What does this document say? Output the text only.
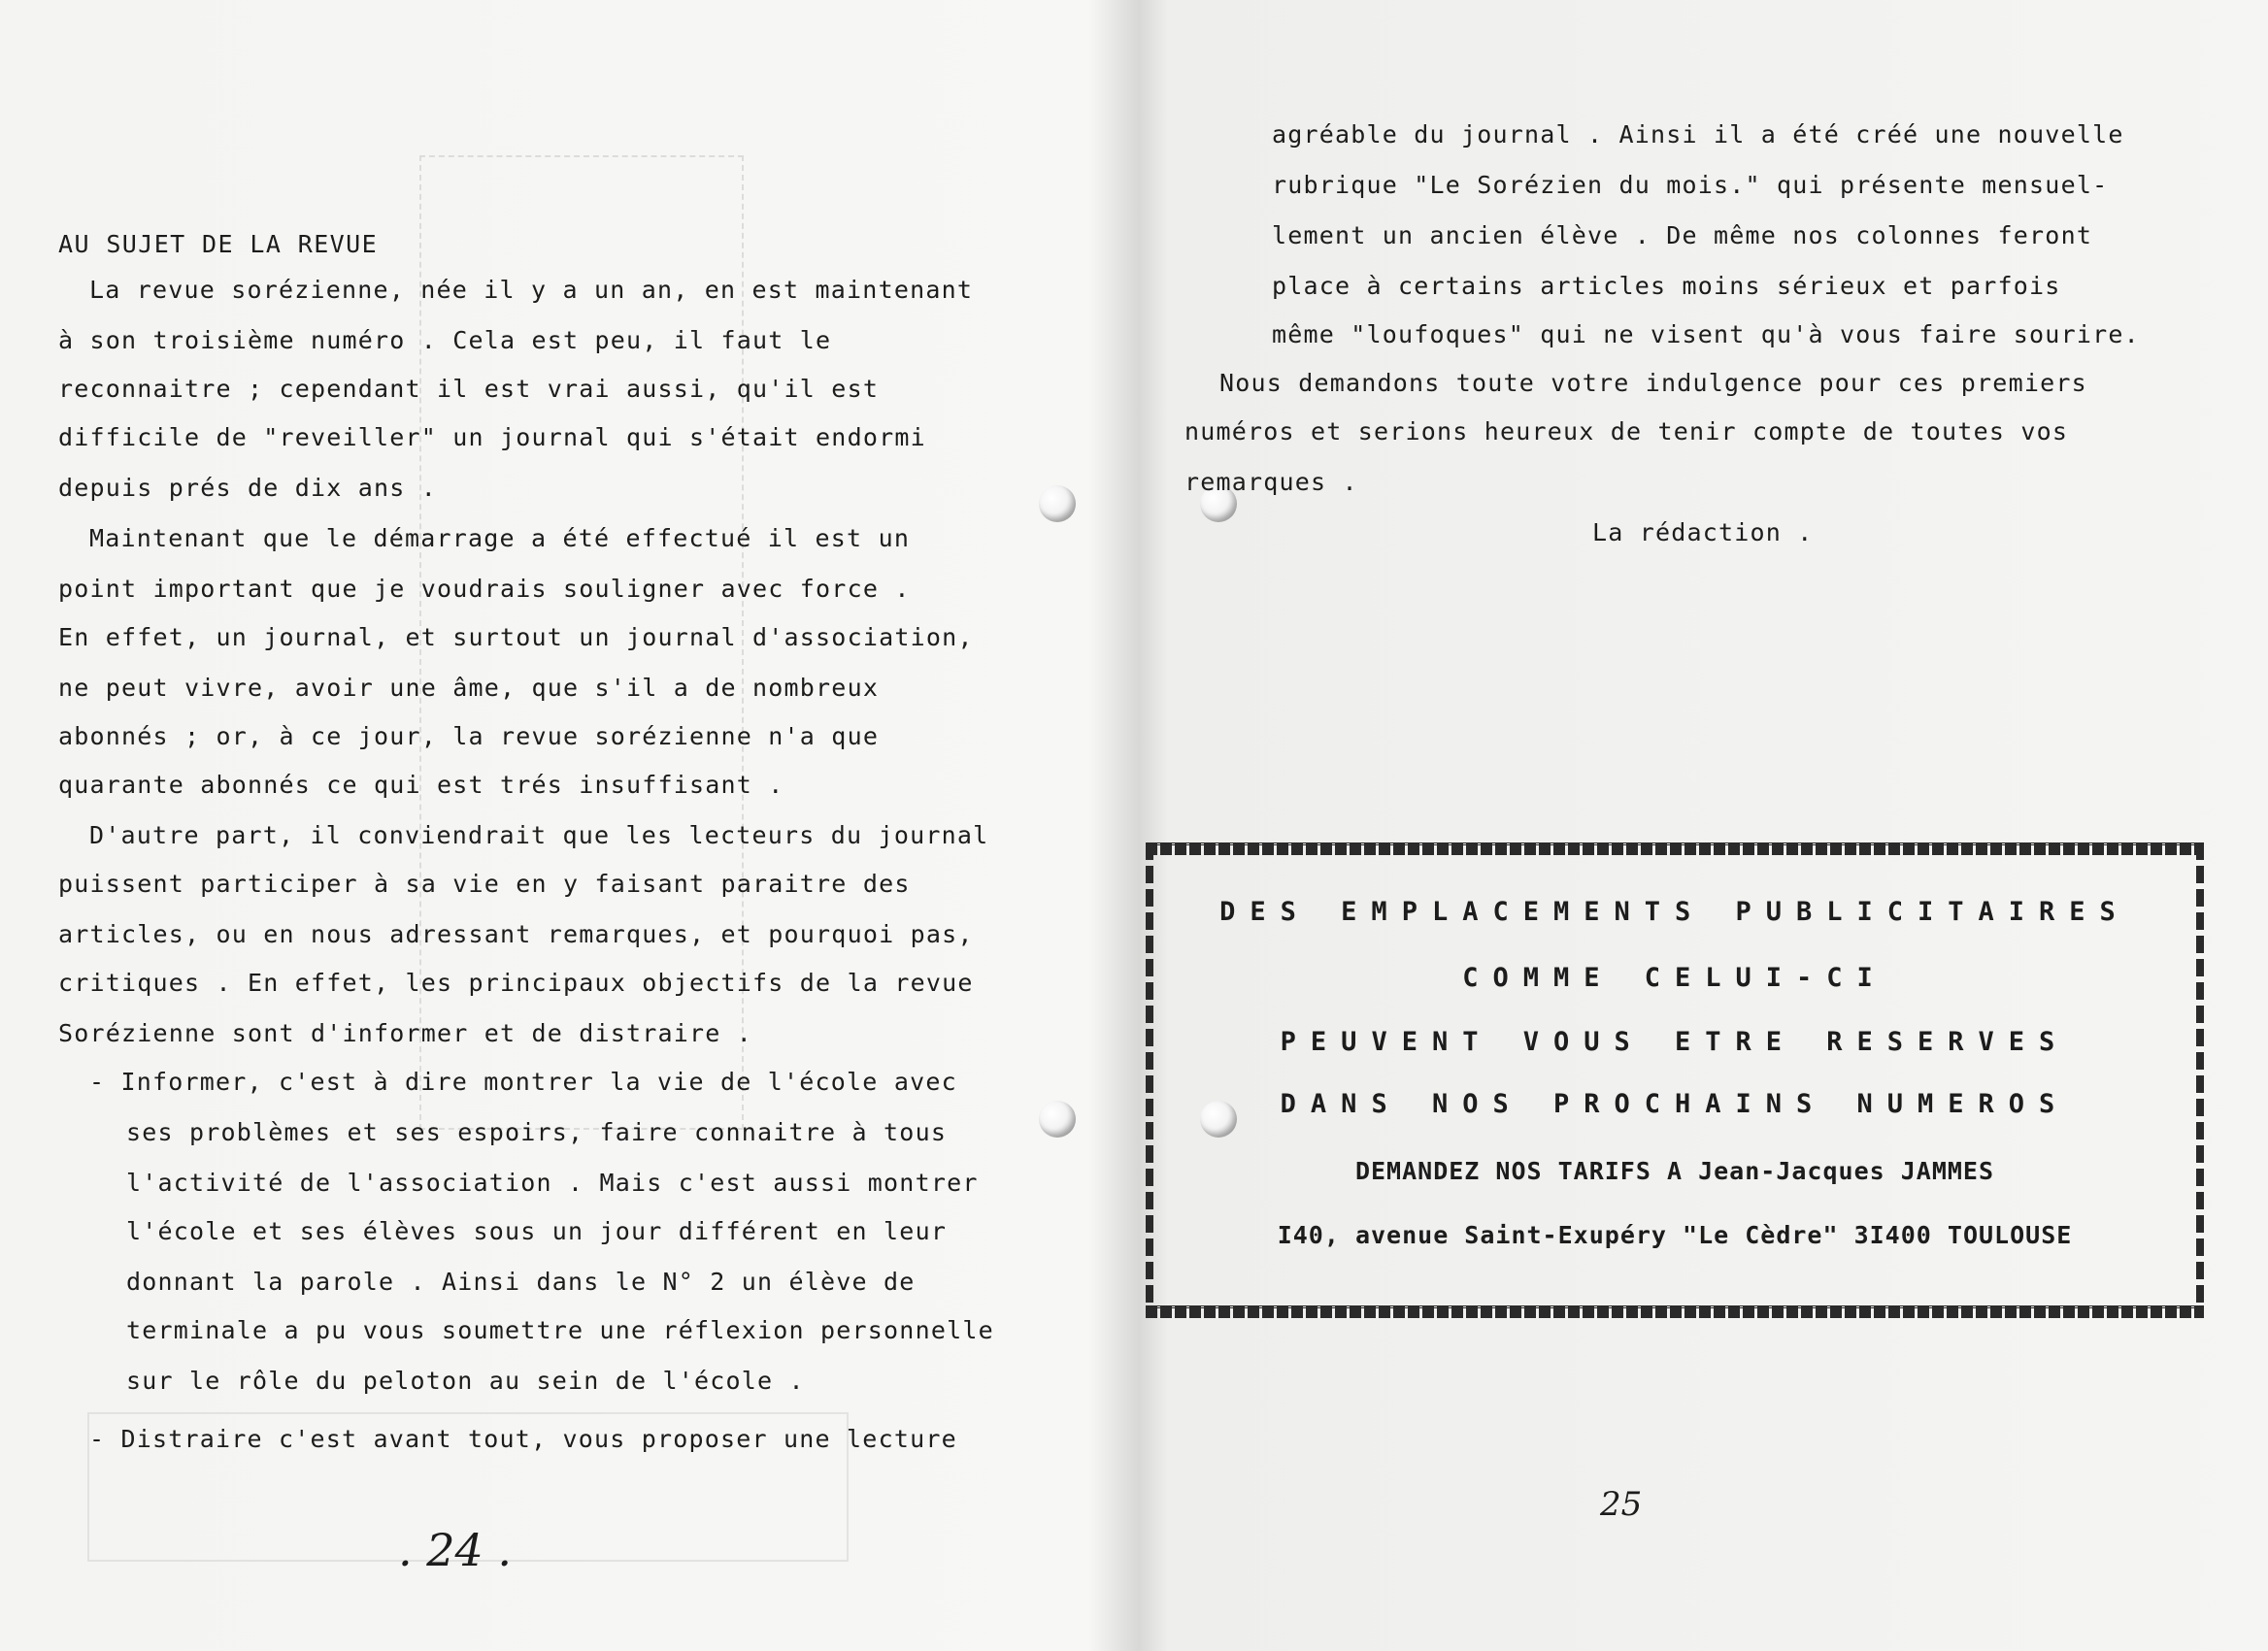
AU SUJET DE LA REVUE
La revue sorézienne, née il y a un an, en est maintenant
à son troisième numéro . Cela est peu, il faut le
reconnaitre ; cependant il est vrai aussi, qu'il est
difficile de "reveiller" un journal qui s'était endormi
depuis prés de dix ans .
Maintenant que le démarrage a été effectué il est un
point important que je voudrais souligner avec force .
En effet, un journal, et surtout un journal d'association,
ne peut vivre, avoir une âme, que s'il a de nombreux
abonnés ; or, à ce jour, la revue sorézienne n'a que
quarante abonnés ce qui est trés insuffisant .
D'autre part, il conviendrait que les lecteurs du journal
puissent participer à sa vie en y faisant paraitre des
articles, ou en nous adressant remarques, et pourquoi pas,
critiques . En effet, les principaux objectifs de la revue
Sorézienne sont d'informer et de distraire .
- Informer, c'est à dire montrer la vie de l'école avec
ses problèmes et ses espoirs, faire connaitre à tous
l'activité de l'association . Mais c'est aussi montrer
l'école et ses élèves sous un jour différent en leur
donnant la parole . Ainsi dans le N° 2 un élève de
terminale a pu vous soumettre une réflexion personnelle
sur le rôle du peloton au sein de l'école .
- Distraire c'est avant tout, vous proposer une lecture
. 24 .
agréable du journal . Ainsi il a été créé une nouvelle
rubrique "Le Sorézien du mois." qui présente mensuel-
lement un ancien élève . De même nos colonnes feront
place à certains articles moins sérieux et parfois
même "loufoques" qui ne visent qu'à vous faire sourire.
Nous demandons toute votre indulgence pour ces premiers
numéros et serions heureux de tenir compte de toutes vos
remarques .
La rédaction .
DES EMPLACEMENTS PUBLICITAIRES
COMME CELUI-CI
PEUVENT VOUS ETRE RESERVES
DANS NOS PROCHAINS NUMEROS
DEMANDEZ NOS TARIFS A Jean-Jacques JAMMES
I40, avenue Saint-Exupéry "Le Cèdre" 3I400 TOULOUSE
25
